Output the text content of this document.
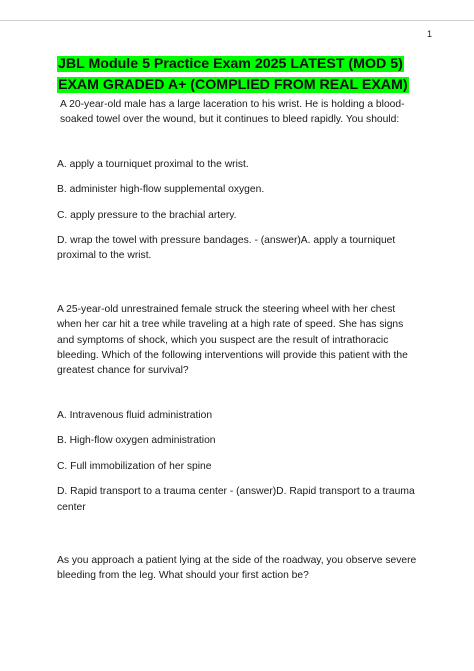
1
JBL Module 5 Practice Exam 2025 LATEST (MOD 5)
EXAM GRADED A+ (COMPLIED FROM REAL EXAM)

A 20-year-old male has a large laceration to his wrist. He is holding a blood-soaked towel over the wound, but it continues to bleed rapidly. You should:

A. apply a tourniquet proximal to the wrist.

B. administer high-flow supplemental oxygen.

C. apply pressure to the brachial artery.

D. wrap the towel with pressure bandages. - (answer)A. apply a tourniquet proximal to the wrist.

A 25-year-old unrestrained female struck the steering wheel with her chest when her car hit a tree while traveling at a high rate of speed. She has signs and symptoms of shock, which you suspect are the result of intrathoracic bleeding. Which of the following interventions will provide this patient with the greatest chance for survival?

A. Intravenous fluid administration

B. High-flow oxygen administration

C. Full immobilization of her spine

D. Rapid transport to a trauma center - (answer)D. Rapid transport to a trauma center

As you approach a patient lying at the side of the roadway, you observe severe bleeding from the leg. What should your first action be?
